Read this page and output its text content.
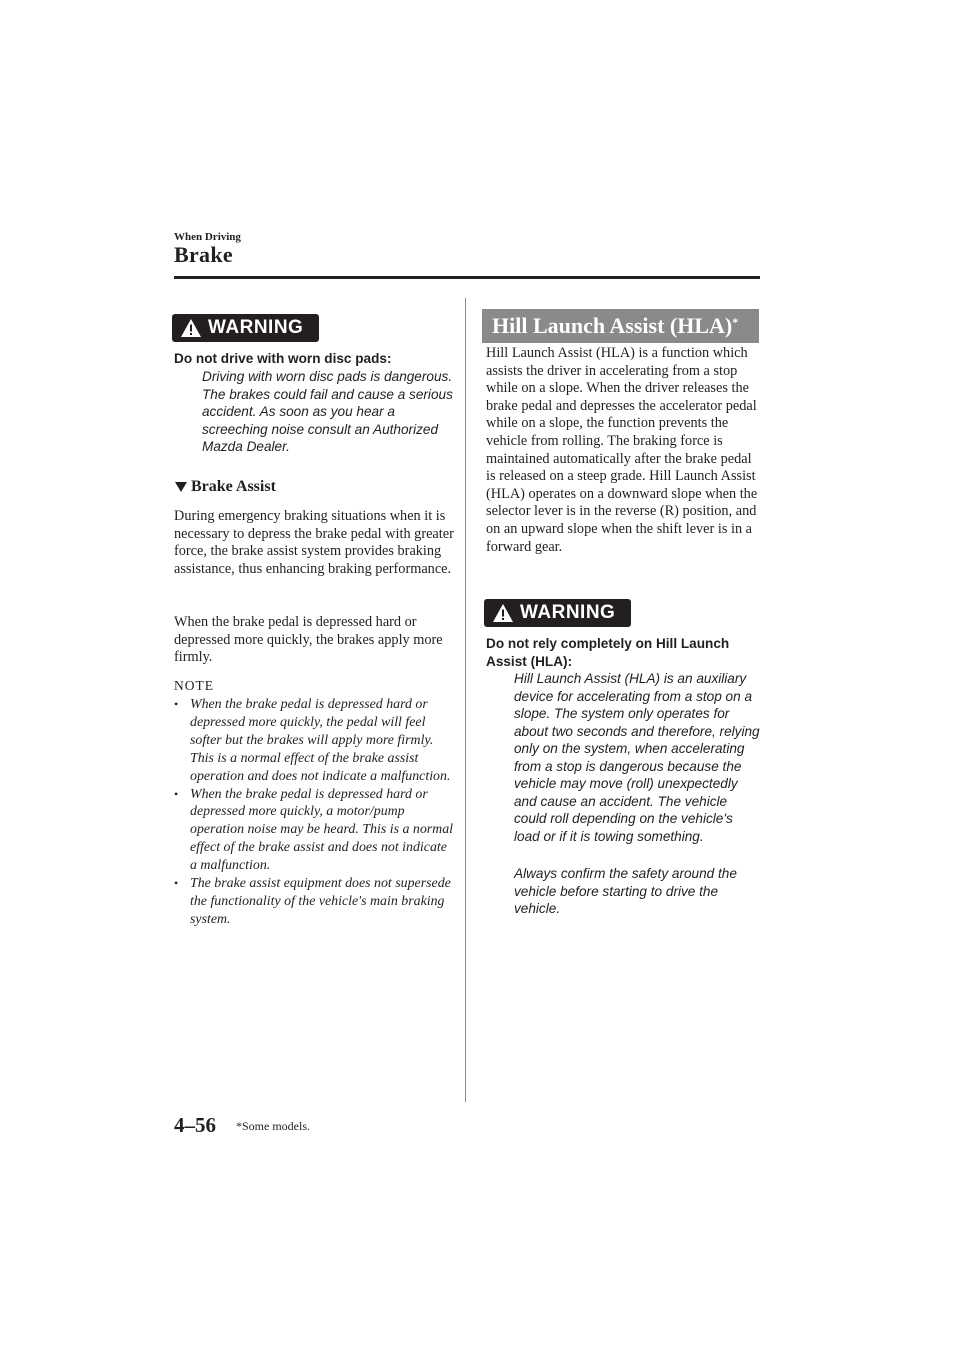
When Driving
Brake
WARNING

Do not drive with worn disc pads:

Driving with worn disc pads is dangerous. The brakes could fail and cause a serious accident. As soon as you hear a screeching noise consult an Authorized Mazda Dealer.

Brake Assist

During emergency braking situations when it is necessary to depress the brake pedal with greater force, the brake assist system provides braking assistance, thus enhancing braking performance.

When the brake pedal is depressed hard or depressed more quickly, the brakes apply more firmly.

NOTE
• When the brake pedal is depressed hard or depressed more quickly, the pedal will feel softer but the brakes will apply more firmly. This is a normal effect of the brake assist operation and does not indicate a malfunction.
• When the brake pedal is depressed hard or depressed more quickly, a motor/pump operation noise may be heard. This is a normal effect of the brake assist and does not indicate a malfunction.
• The brake assist equipment does not supersede the functionality of the vehicle's main braking system.
Hill Launch Assist (HLA)*

Hill Launch Assist (HLA) is a function which assists the driver in accelerating from a stop while on a slope. When the driver releases the brake pedal and depresses the accelerator pedal while on a slope, the function prevents the vehicle from rolling. The braking force is maintained automatically after the brake pedal is released on a steep grade. Hill Launch Assist (HLA) operates on a downward slope when the selector lever is in the reverse (R) position, and on an upward slope when the shift lever is in a forward gear.

WARNING

Do not rely completely on Hill Launch Assist (HLA):

Hill Launch Assist (HLA) is an auxiliary device for accelerating from a stop on a slope. The system only operates for about two seconds and therefore, relying only on the system, when accelerating from a stop is dangerous because the vehicle may move (roll) unexpectedly and cause an accident. The vehicle could roll depending on the vehicle's load or if it is towing something.

Always confirm the safety around the vehicle before starting to drive the vehicle.

4–56 *Some models.
